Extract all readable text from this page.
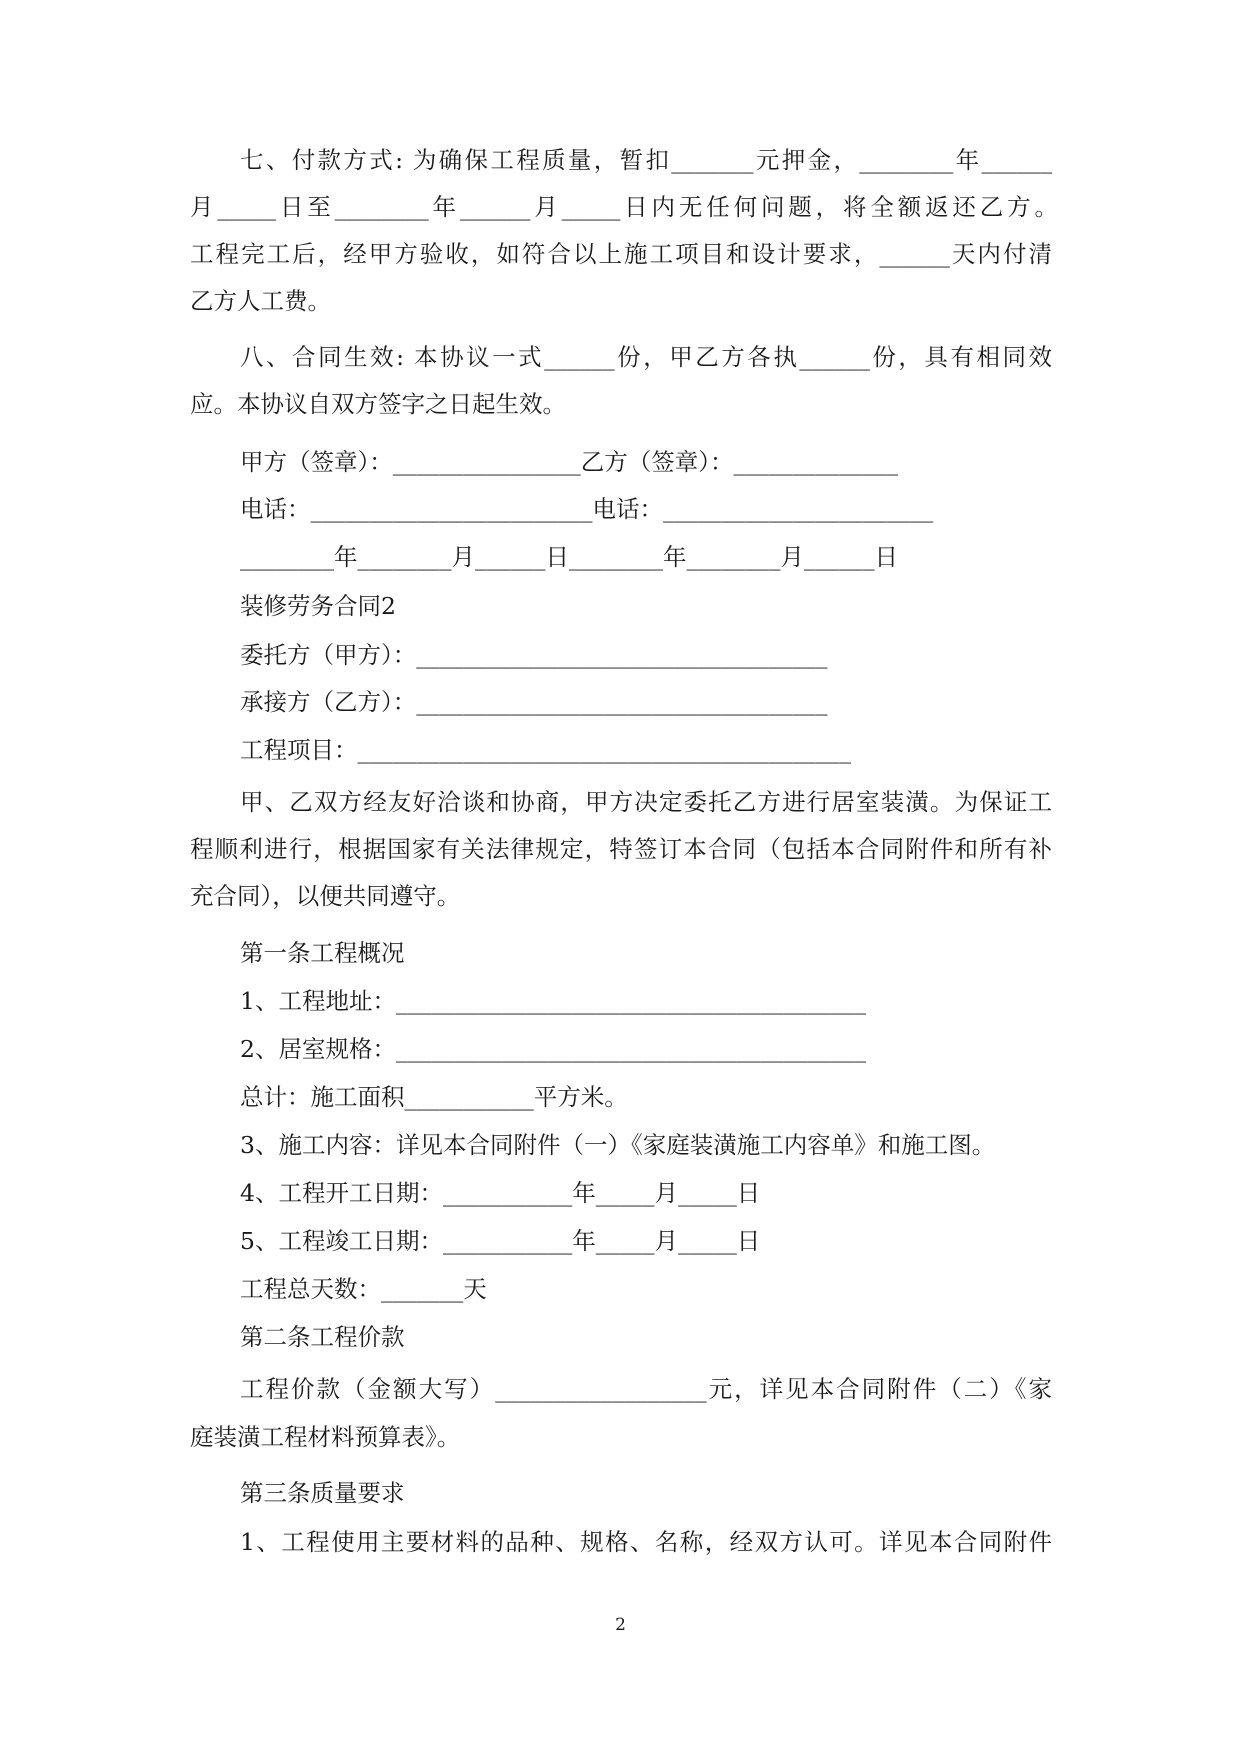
七、付款方式: 为确保工程质量，暂扣_______元押金，________年______
月_____日至________年______月_____日内无任何问题，将全额返还乙方。
工程完工后，经甲方验收，如符合以上施工项目和设计要求，______天内付清
乙方人工费。
八、合同生效: 本协议一式______份，甲乙方各执______份，具有相同效
应。本协议自双方签字之日起生效。
甲方（签章）：________________乙方（签章）：______________
电话：________________________电话：_______________________
________年________月______日________年________月______日
装修劳务合同2
委托方（甲方）：___________________________________
承接方（乙方）：___________________________________
工程项目：__________________________________________
甲、乙双方经友好洽谈和协商，甲方决定委托乙方进行居室装潢。为保证工
程顺利进行，根据国家有关法律规定，特签订本合同（包括本合同附件和所有补
充合同），以便共同遵守。
第一条工程概况
1、工程地址：________________________________________
2、居室规格：________________________________________
总计：施工面积___________平方米。
3、施工内容：详见本合同附件（一）《家庭装潢施工内容单》和施工图。
4、工程开工日期：___________年_____月_____日
5、工程竣工日期：___________年_____月_____日
工程总天数：_______天
第二条工程价款
工程价款（金额大写）__________________元，详见本合同附件（二）《家
庭装潢工程材料预算表》。
第三条质量要求
1、工程使用主要材料的品种、规格、名称，经双方认可。详见本合同附件
2
